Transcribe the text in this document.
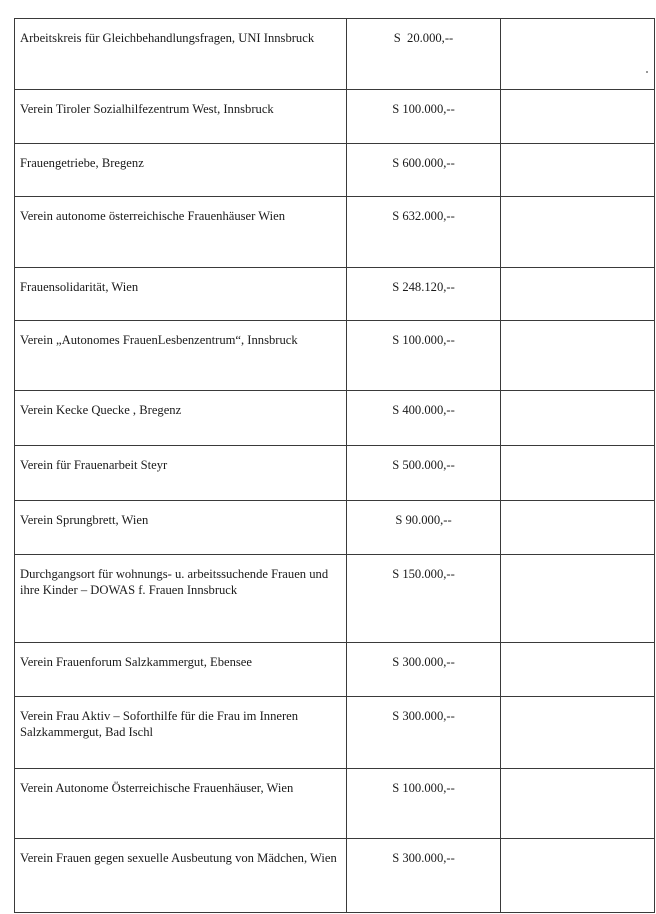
Arbeitskreis für Gleichbehandlungsfragen, UNI Innsbruck	S  20.000,--	

Verein Tiroler Sozialhilfezentrum West, Innsbruck	S 100.000,--	

Frauengetriebe, Bregenz	S 600.000,--	

Verein autonome österreichische Frauenhäuser Wien	S 632.000,--	

Frauensolidarität, Wien	S 248.120,--	

Verein „Autonomes FrauenLesbenzentrum“, Innsbruck	S 100.000,--	

Verein Kecke Quecke , Bregenz	S 400.000,--	

Verein für Frauenarbeit Steyr	S 500.000,--	

Verein Sprungbrett, Wien	S 90.000,--	

Durchgangsort für wohnungs- u. arbeitssuchende Frauen und ihre Kinder – DOWAS f. Frauen Innsbruck	S 150.000,--	

Verein Frauenforum Salzkammergut, Ebensee	S 300.000,--	

Verein Frau Aktiv – Soforthilfe für die Frau im Inneren Salzkammergut, Bad Ischl	S 300.000,--	

Verein Autonome Österreichische Frauenhäuser, Wien	S 100.000,--	

Verein Frauen gegen sexuelle Ausbeutung von Mädchen, Wien	S 300.000,--	
